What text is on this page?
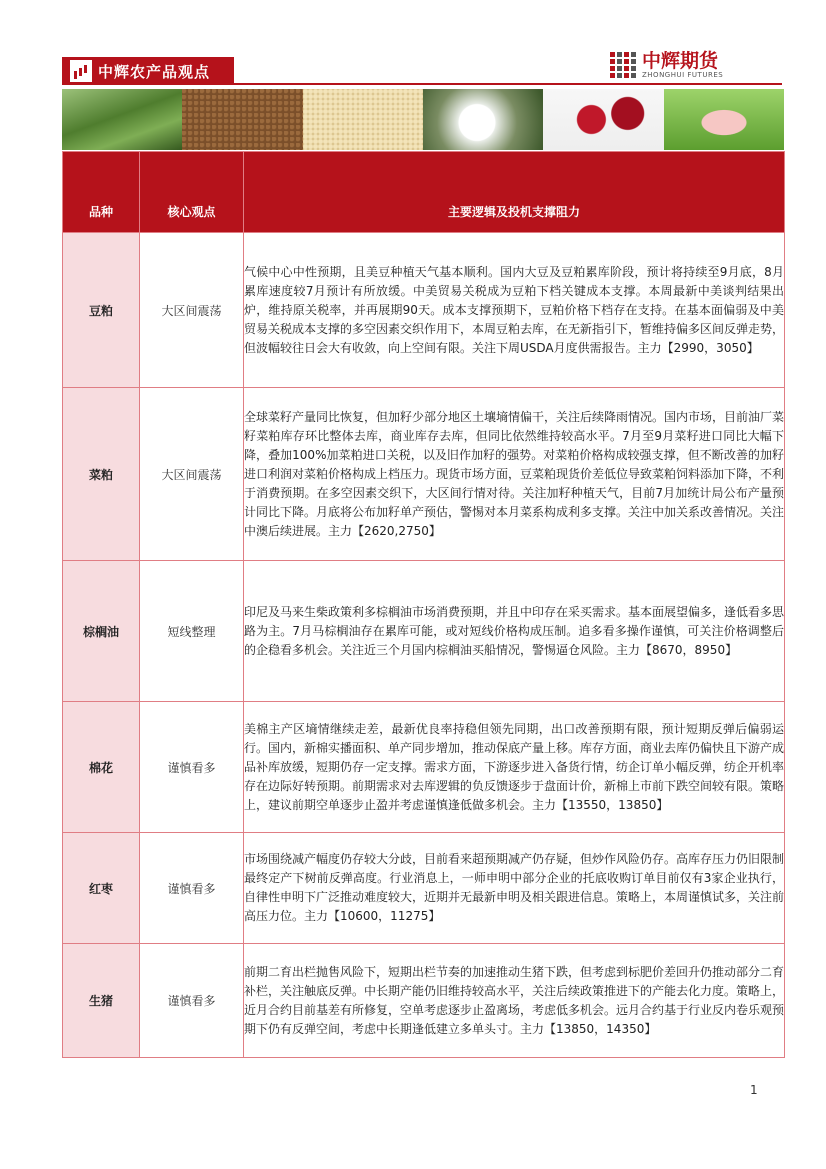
中辉农产品观点	中辉期货
ZHONGHUI FUTURES
品种	核心观点	主要逻辑及投机支撑阻力
豆粕	大区间震荡	气候中心中性预期，且美豆种植天气基本顺利。国内大豆及豆粕累库阶段，预计将持续至9月底，8月累库速度较7月预计有所放缓。中美贸易关税成为豆粕下档关键成本支撑。本周最新中美谈判结果出炉，维持原关税率，并再展期90天。成本支撑预期下，豆粕价格下档存在支持。在基本面偏弱及中美贸易关税成本支撑的多空因素交织作用下，本周豆粕去库，在无新指引下，暂维持偏多区间反弹走势，但波幅较往日会大有收敛，向上空间有限。关注下周USDA月度供需报告。主力【2990，3050】
菜粕	大区间震荡	全球菜籽产量同比恢复，但加籽少部分地区土壤墒情偏干，关注后续降雨情况。国内市场，目前油厂菜籽菜粕库存环比整体去库，商业库存去库，但同比依然维持较高水平。7月至9月菜籽进口同比大幅下降，叠加100%加菜粕进口关税，以及旧作加籽的强势。对菜粕价格构成较强支撑，但不断改善的加籽进口利润对菜粕价格构成上档压力。现货市场方面，豆菜粕现货价差低位导致菜粕饲料添加下降，不利于消费预期。在多空因素交织下，大区间行情对待。关注加籽种植天气，目前7月加统计局公布产量预计同比下降。月底将公布加籽单产预估，警惕对本月菜系构成利多支撑。关注中加关系改善情况。关注中澳后续进展。主力【2620,2750】
棕榈油	短线整理	印尼及马来生柴政策利多棕榈油市场消费预期，并且中印存在采买需求。基本面展望偏多，逢低看多思路为主。7月马棕榈油存在累库可能，或对短线价格构成压制。追多看多操作谨慎，可关注价格调整后的企稳看多机会。关注近三个月国内棕榈油买船情况，警惕逼仓风险。主力【8670，8950】
棉花	谨慎看多	美棉主产区墒情继续走差，最新优良率持稳但领先同期，出口改善预期有限，预计短期反弹后偏弱运行。国内，新棉实播面积、单产同步增加，推动保底产量上移。库存方面，商业去库仍偏快且下游产成品补库放缓，短期仍存一定支撑。需求方面，下游逐步进入备货行情，纺企订单小幅反弹，纺企开机率存在边际好转预期。前期需求对去库逻辑的负反馈逐步于盘面计价，新棉上市前下跌空间较有限。策略上，建议前期空单逐步止盈并考虑谨慎逢低做多机会。主力【13550，13850】
红枣	谨慎看多	市场围绕减产幅度仍存较大分歧，目前看来超预期减产仍存疑，但炒作风险仍存。高库存压力仍旧限制最终定产下树前反弹高度。行业消息上，一师申明中部分企业的托底收购订单目前仅有3家企业执行，自律性申明下广泛推动难度较大，近期并无最新申明及相关跟进信息。策略上，本周谨慎试多，关注前高压力位。主力【10600，11275】
生猪	谨慎看多	前期二育出栏抛售风险下，短期出栏节奏的加速推动生猪下跌，但考虑到标肥价差回升仍推动部分二育补栏，关注触底反弹。中长期产能仍旧维持较高水平，关注后续政策推进下的产能去化力度。策略上，近月合约目前基差有所修复，空单考虑逐步止盈离场，考虑低多机会。远月合约基于行业反内卷乐观预期下仍有反弹空间，考虑中长期逢低建立多单头寸。主力【13850，14350】
1
